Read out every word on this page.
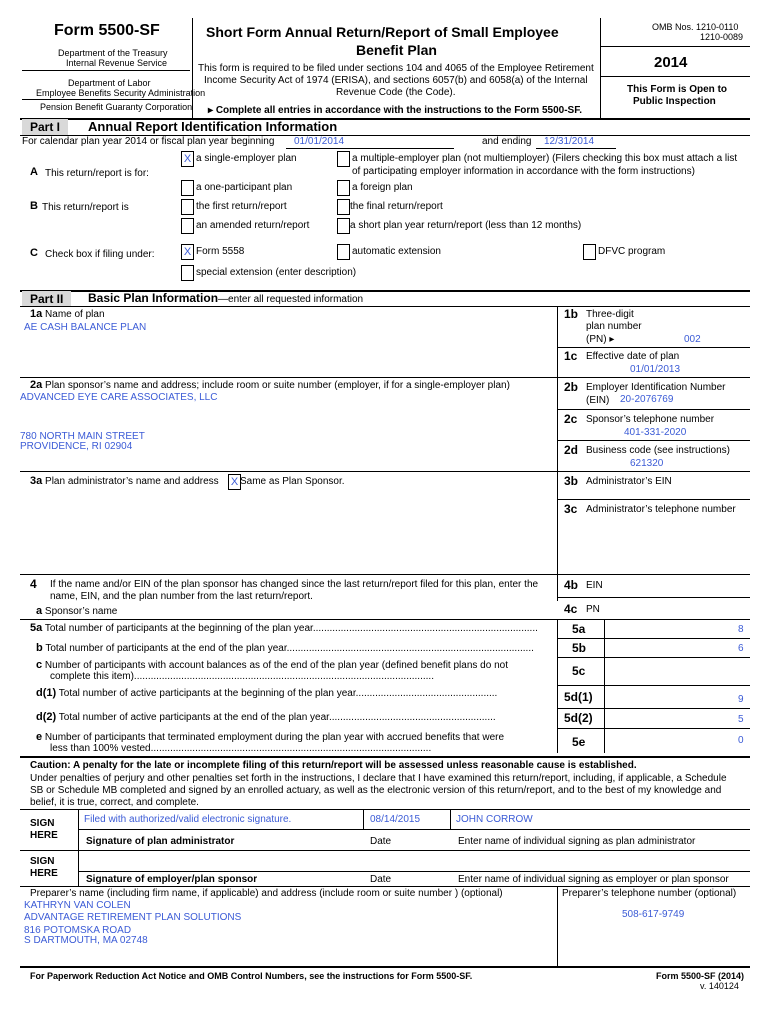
Form 5500-SF
Department of the Treasury
Internal Revenue Service
Department of Labor
Employee Benefits Security Administration
Pension Benefit Guaranty Corporation
Short Form Annual Return/Report of Small Employee
Benefit Plan
This form is required to be filed under sections 104 and 4065 of the Employee Retirement
Income Security Act of 1974 (ERISA), and sections 6057(b) and 6058(a) of the Internal
Revenue Code (the Code).
▸ Complete all entries in accordance with the instructions to the Form 5500-SF.
OMB Nos. 1210-0110
1210-0089
2014
This Form is Open to
Public Inspection
Part I	Annual Report Identification Information
For calendar plan year 2014 or fiscal plan year beginning 01/01/2014	and ending 12/31/2014
X a single-employer plan	a multiple-employer plan (not multiemployer) (Filers checking this box must attach a list
of participating employer information in accordance with the form instructions)
A This return/report is for:
a one-participant plan	a foreign plan
B This return/report is	the first return/report	the final return/report
an amended return/report	a short plan year return/report (less than 12 months)
C Check box if filing under:	X Form 5558	automatic extension	DFVC program
special extension (enter description)
Part II	Basic Plan Information—enter all requested information
1a Name of plan
AE CASH BALANCE PLAN
1b Three-digit
plan number
(PN) ▸	002
1c Effective date of plan
01/01/2013
2a Plan sponsor’s name and address; include room or suite number (employer, if for a single-employer plan)
ADVANCED EYE CARE ASSOCIATES, LLC
780 NORTH MAIN STREET
PROVIDENCE, RI 02904
2b Employer Identification Number
(EIN) 20-2076769
2c Sponsor’s telephone number
401-331-2020
2d Business code (see instructions)
621320
3a Plan administrator’s name and address X Same as Plan Sponsor.	3b Administrator’s EIN
3c Administrator’s telephone number
4 If the name and/or EIN of the plan sponsor has changed since the last return/report filed for this plan, enter the
name, EIN, and the plan number from the last return/report.
a Sponsor’s name
4b EIN
4c PN
5a Total number of participants at the beginning of the plan year.................................................................................	5a	8
b Total number of participants at the end of the plan year.........................................................................................	5b	6
c Number of participants with account balances as of the end of the plan year (defined benefit plans do not
complete this item)............................................................................................................	5c
d(1) Total number of active participants at the beginning of the plan year...................................................	5d(1)	9
d(2) Total number of active participants at the end of the plan year............................................................	5d(2)	5
e Number of participants that terminated employment during the plan year with accrued benefits that were
less than 100% vested.....................................................................................................	5e	0
Caution: A penalty for the late or incomplete filing of this return/report will be assessed unless reasonable cause is established.
Under penalties of perjury and other penalties set forth in the instructions, I declare that I have examined this return/report, including, if applicable, a Schedule
SB or Schedule MB completed and signed by an enrolled actuary, as well as the electronic version of this return/report, and to the best of my knowledge and
belief, it is true, correct, and complete.
SIGN
HERE
Filed with authorized/valid electronic signature.	08/14/2015	JOHN CORROW
Signature of plan administrator	Date	Enter name of individual signing as plan administrator
SIGN
HERE
Signature of employer/plan sponsor	Date	Enter name of individual signing as employer or plan sponsor
Preparer’s name (including firm name, if applicable) and address (include room or suite number ) (optional)	Preparer’s telephone number (optional)
KATHRYN VAN COLEN
ADVANTAGE RETIREMENT PLAN SOLUTIONS
816 POTOMSKA ROAD
S DARTMOUTH, MA 02748
508-617-9749
For Paperwork Reduction Act Notice and OMB Control Numbers, see the instructions for Form 5500-SF.	Form 5500-SF (2014)
v. 140124
